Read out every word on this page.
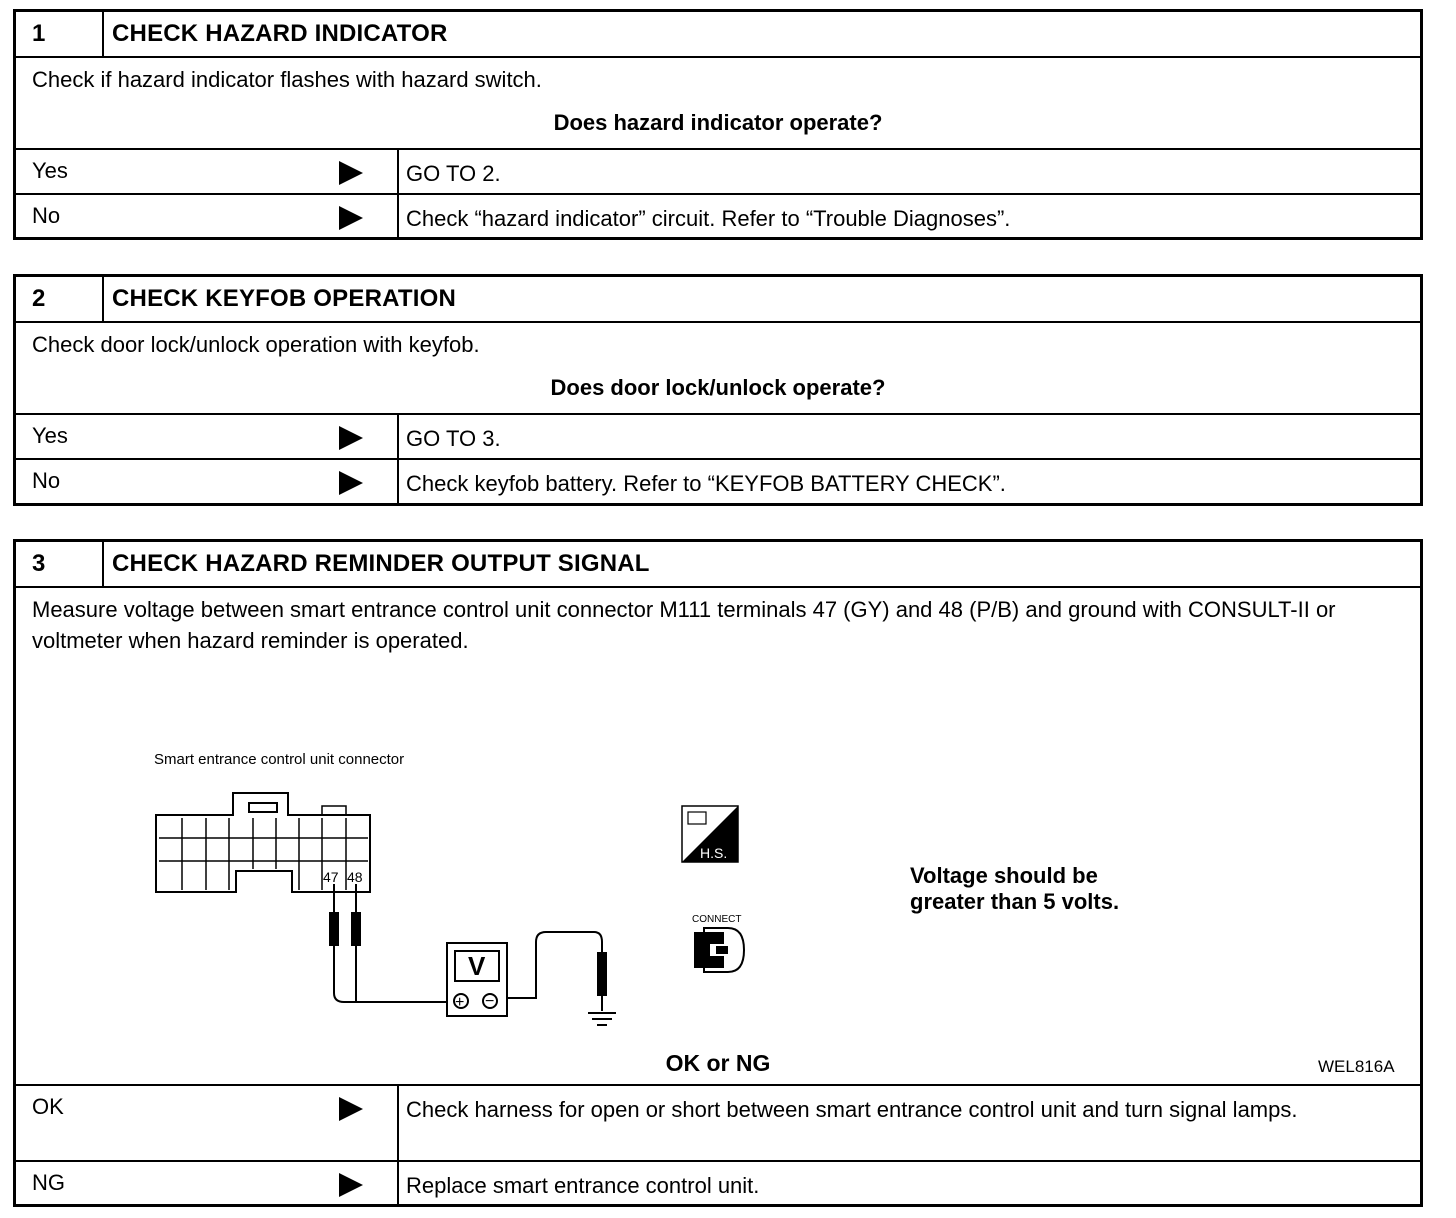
1	CHECK HAZARD INDICATOR
Check if hazard indicator flashes with hazard switch.
Does hazard indicator operate?
Yes	GO TO 2.
No	Check “hazard indicator” circuit. Refer to “Trouble Diagnoses”.
2	CHECK KEYFOB OPERATION
Check door lock/unlock operation with keyfob.
Does door lock/unlock operate?
Yes	GO TO 3.
No	Check keyfob battery. Refer to “KEYFOB BATTERY CHECK”.
3	CHECK HAZARD REMINDER OUTPUT SIGNAL
Measure voltage between smart entrance control unit connector M111 terminals 47 (GY) and 48 (P/B) and ground with CONSULT-II or voltmeter when hazard reminder is operated.
Smart entrance control unit connector
47 48
V
+ −
H.S.
CONNECT
Voltage should be
greater than 5 volts.
WEL816A
OK or NG
OK	Check harness for open or short between smart entrance control unit and turn signal lamps.
NG	Replace smart entrance control unit.
